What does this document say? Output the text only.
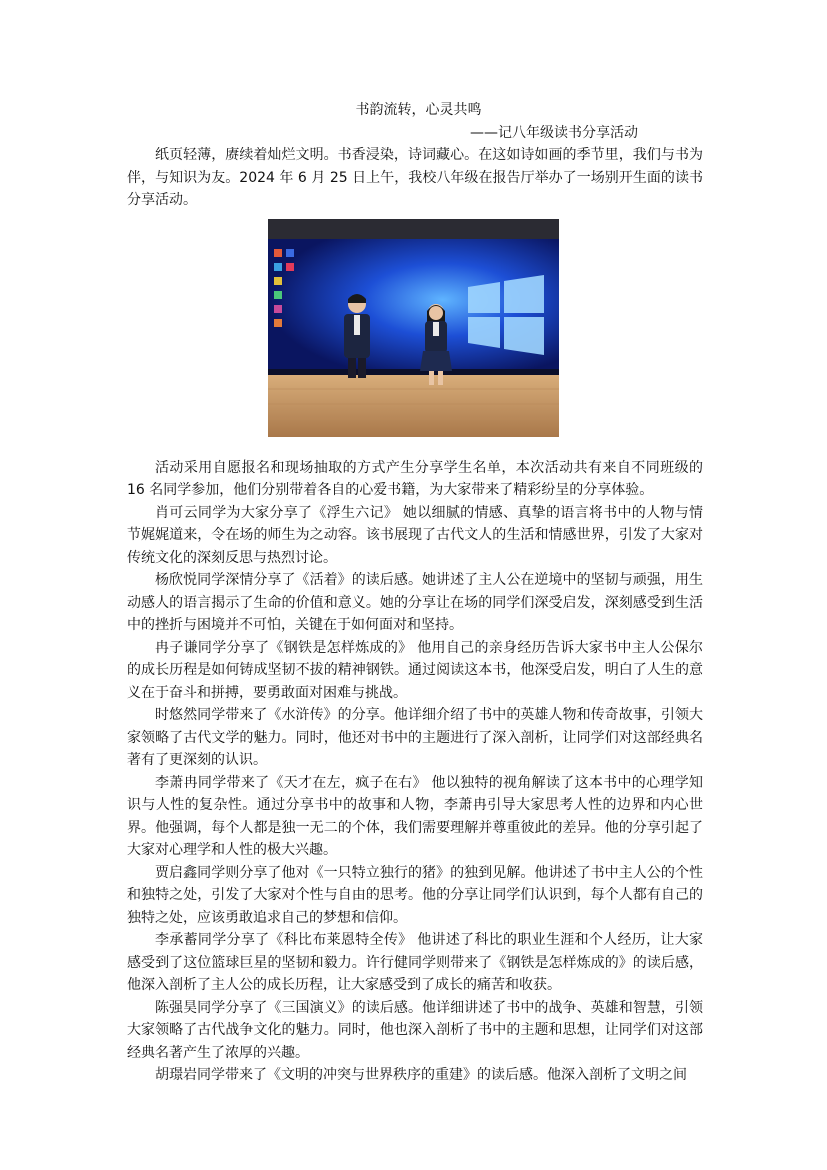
书韵流转，心灵共鸣
——记八年级读书分享活动

纸页轻薄，赓续着灿烂文明。书香浸染，诗词藏心。在这如诗如画的季节里，我们与书为伴，与知识为友。2024 年 6 月 25 日上午，我校八年级在报告厅举办了一场别开生面的读书分享活动。

活动采用自愿报名和现场抽取的方式产生分享学生名单，本次活动共有来自不同班级的 16 名同学参加，他们分别带着各自的心爱书籍，为大家带来了精彩纷呈的分享体验。

肖可云同学为大家分享了《浮生六记》 她以细腻的情感、真挚的语言将书中的人物与情节娓娓道来，令在场的师生为之动容。该书展现了古代文人的生活和情感世界，引发了大家对传统文化的深刻反思与热烈讨论。

杨欣悦同学深情分享了《活着》的读后感。她讲述了主人公在逆境中的坚韧与顽强，用生动感人的语言揭示了生命的价值和意义。她的分享让在场的同学们深受启发，深刻感受到生活中的挫折与困境并不可怕，关键在于如何面对和坚持。

冉子谦同学分享了《钢铁是怎样炼成的》 他用自己的亲身经历告诉大家书中主人公保尔的成长历程是如何铸成坚韧不拔的精神钢铁。通过阅读这本书，他深受启发，明白了人生的意义在于奋斗和拼搏，要勇敢面对困难与挑战。

时悠然同学带来了《水浒传》的分享。他详细介绍了书中的英雄人物和传奇故事，引领大家领略了古代文学的魅力。同时，他还对书中的主题进行了深入剖析，让同学们对这部经典名著有了更深刻的认识。

李萧冉同学带来了《天才在左，疯子在右》 他以独特的视角解读了这本书中的心理学知识与人性的复杂性。通过分享书中的故事和人物，李萧冉引导大家思考人性的边界和内心世界。他强调，每个人都是独一无二的个体，我们需要理解并尊重彼此的差异。他的分享引起了大家对心理学和人性的极大兴趣。

贾启鑫同学则分享了他对《一只特立独行的猪》的独到见解。他讲述了书中主人公的个性和独特之处，引发了大家对个性与自由的思考。他的分享让同学们认识到，每个人都有自己的独特之处，应该勇敢追求自己的梦想和信仰。

李承蓄同学分享了《科比布莱恩特全传》 他讲述了科比的职业生涯和个人经历，让大家感受到了这位篮球巨星的坚韧和毅力。许行健同学则带来了《钢铁是怎样炼成的》的读后感，他深入剖析了主人公的成长历程，让大家感受到了成长的痛苦和收获。

陈强昊同学分享了《三国演义》的读后感。他详细讲述了书中的战争、英雄和智慧，引领大家领略了古代战争文化的魅力。同时，他也深入剖析了书中的主题和思想，让同学们对这部经典名著产生了浓厚的兴趣。

胡璟岩同学带来了《文明的冲突与世界秩序的重建》的读后感。他深入剖析了文明之间
